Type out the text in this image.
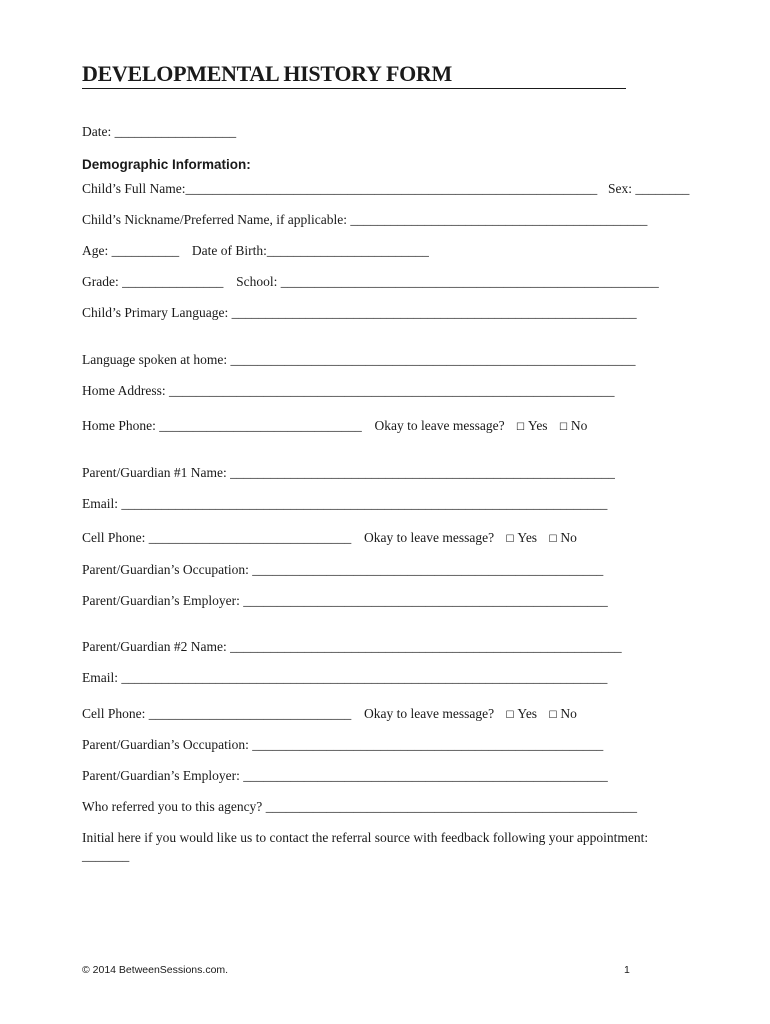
DEVELOPMENTAL HISTORY FORM
Date: __________________
Demographic Information:
Child’s Full Name:_____________________________________________________________ Sex: ________
Child’s Nickname/Preferred Name, if applicable: ____________________________________________
Age: __________ Date of Birth:________________________
Grade: _______________ School: ________________________________________________________
Child’s Primary Language: ____________________________________________________________
Language spoken at home: ____________________________________________________________
Home Address: __________________________________________________________________
Home Phone: ______________________________ Okay to leave message? ☐ Yes ☐ No
Parent/Guardian #1 Name: _________________________________________________________
Email: ________________________________________________________________________
Cell Phone: ______________________________ Okay to leave message? ☐ Yes ☐ No
Parent/Guardian’s Occupation: ____________________________________________________
Parent/Guardian’s Employer: ______________________________________________________
Parent/Guardian #2 Name: __________________________________________________________
Email: ________________________________________________________________________
Cell Phone: ______________________________ Okay to leave message? ☐ Yes ☐ No
Parent/Guardian’s Occupation: ____________________________________________________
Parent/Guardian’s Employer: ______________________________________________________
Who referred you to this agency? _______________________________________________________
Initial here if you would like us to contact the referral source with feedback following your appointment:
_______
© 2014 BetweenSessions.com.	1
